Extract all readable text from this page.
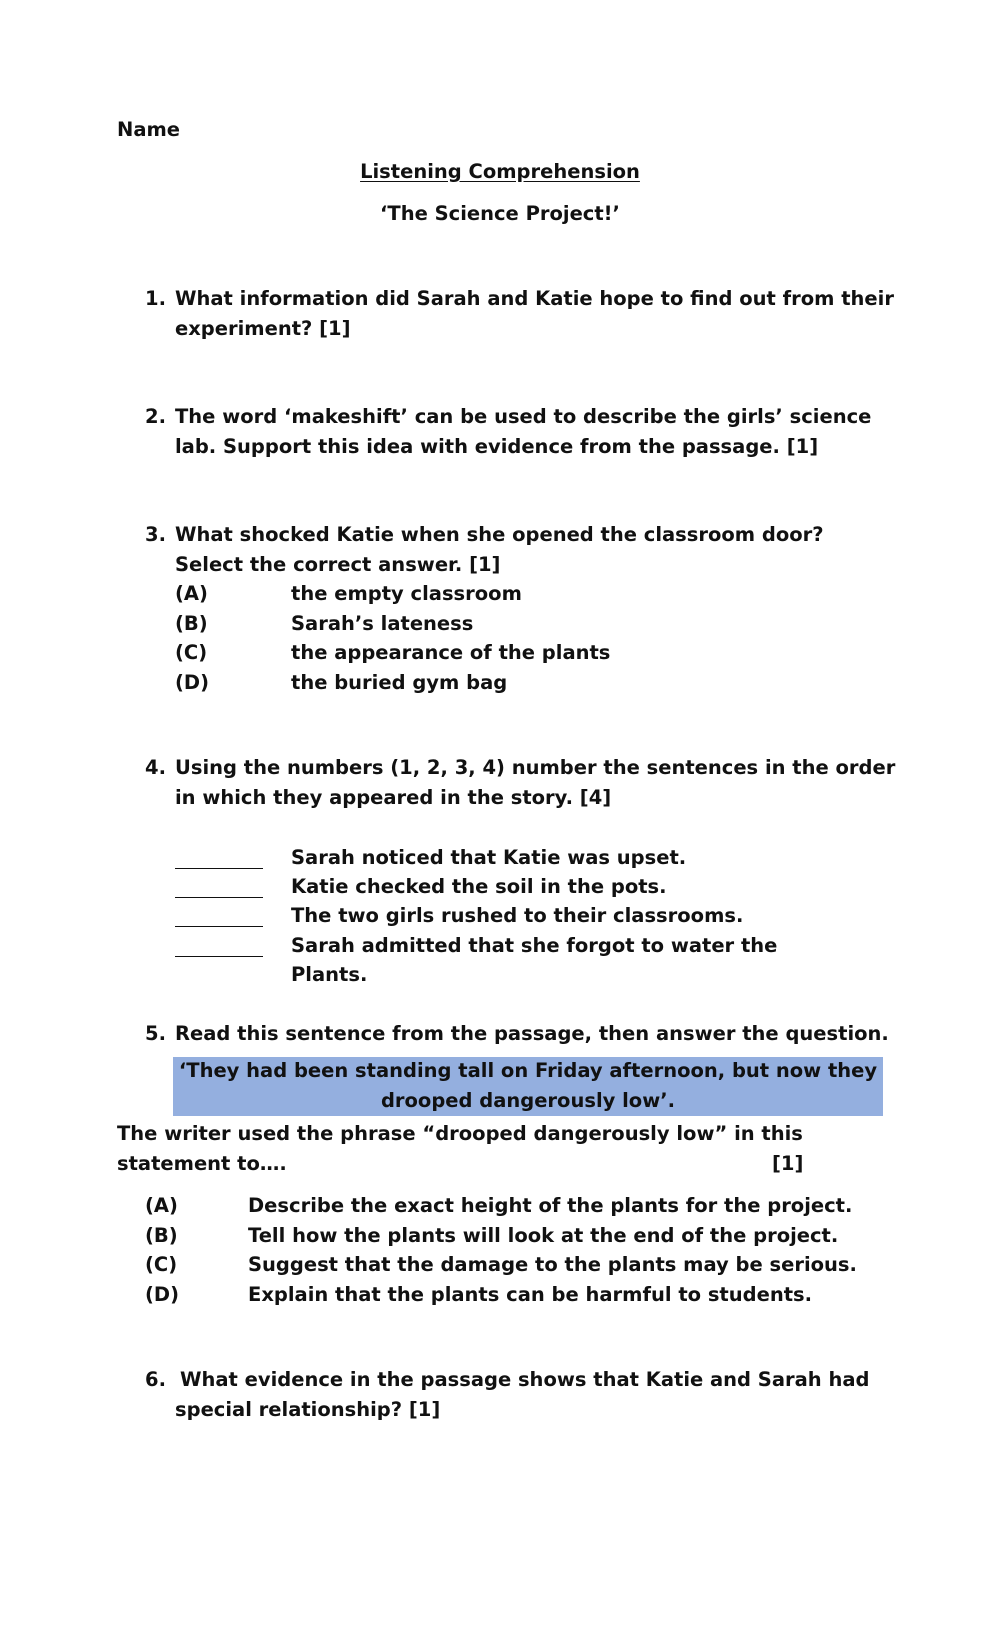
Name
Listening Comprehension
‘The Science Project!’
1. What information did Sarah and Katie hope to find out from their
experiment? [1]
2. The word ‘makeshift’ can be used to describe the girls’ science
lab. Support this idea with evidence from the passage. [1]
3. What shocked Katie when she opened the classroom door?
Select the correct answer. [1]
(A)	the empty classroom
(B)	Sarah’s lateness
(C)	the appearance of the plants
(D)	the buried gym bag
4. Using the numbers (1, 2, 3, 4) number the sentences in the order
in which they appeared in the story. [4]
Sarah noticed that Katie was upset.
Katie checked the soil in the pots.
The two girls rushed to their classrooms.
Sarah admitted that she forgot to water the
Plants.
5. Read this sentence from the passage, then answer the question.
‘They had been standing tall on Friday afternoon, but now they
drooped dangerously low’.
The writer used the phrase “drooped dangerously low” in this
statement to….	[1]
(A)	Describe the exact height of the plants for the project.
(B)	Tell how the plants will look at the end of the project.
(C)	Suggest that the damage to the plants may be serious.
(D)	Explain that the plants can be harmful to students.
6. What evidence in the passage shows that Katie and Sarah had
special relationship? [1]
